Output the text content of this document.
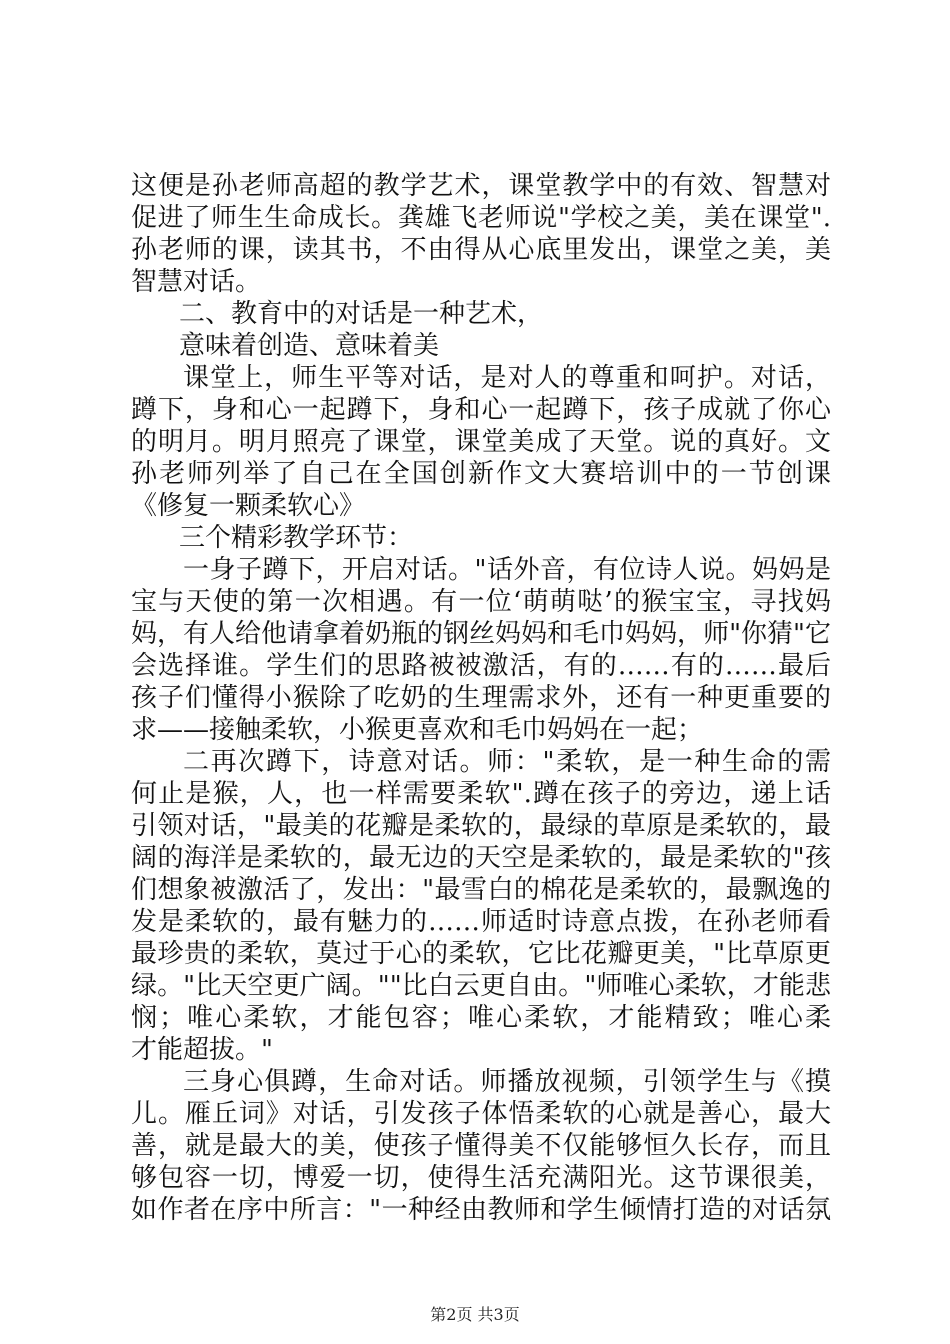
这便是孙老师高超的教学艺术，课堂教学中的有效、智慧对
促进了师生生命成长。龚雄飞老师说"学校之美，美在课堂".
孙老师的课，读其书，不由得从心底里发出，课堂之美，美
智慧对话。
二、教育中的对话是一种艺术，
意味着创造、意味着美
课堂上，师生平等对话，是对人的尊重和呵护。对话，
蹲下，身和心一起蹲下，身和心一起蹲下，孩子成就了你心
的明月。明月照亮了课堂，课堂美成了天堂。说的真好。文
孙老师列举了自己在全国创新作文大赛培训中的一节创课
《修复一颗柔软心》
三个精彩教学环节：
一身子蹲下，开启对话。"话外音，有位诗人说。妈妈是
宝与天使的第一次相遇。有一位‘萌萌哒’的猴宝宝，寻找妈
妈，有人给他请拿着奶瓶的钢丝妈妈和毛巾妈妈，师"你猜"它
会选择谁。学生们的思路被被激活，有的……有的……最后
孩子们懂得小猴除了吃奶的生理需求外，还有一种更重要的
求——接触柔软，小猴更喜欢和毛巾妈妈在一起；
二再次蹲下，诗意对话。师："柔软，是一种生命的需
何止是猴，人，也一样需要柔软".蹲在孩子的旁边，递上话
引领对话，"最美的花瓣是柔软的，最绿的草原是柔软的，最
阔的海洋是柔软的，最无边的天空是柔软的，最是柔软的"孩
们想象被激活了，发出："最雪白的棉花是柔软的，最飘逸的
发是柔软的，最有魅力的……师适时诗意点拨，在孙老师看
最珍贵的柔软，莫过于心的柔软，它比花瓣更美，"比草原更
绿。"比天空更广阔。""比白云更自由。"师唯心柔软，才能悲
悯；唯心柔软，才能包容；唯心柔软，才能精致；唯心柔
才能超拔。"
三身心俱蹲，生命对话。师播放视频，引领学生与《摸
儿。雁丘词》对话，引发孩子体悟柔软的心就是善心，最大
善，就是最大的美，使孩子懂得美不仅能够恒久长存，而且
够包容一切，博爱一切，使得生活充满阳光。这节课很美，
如作者在序中所言："一种经由教师和学生倾情打造的对话氛
第2页 共3页
